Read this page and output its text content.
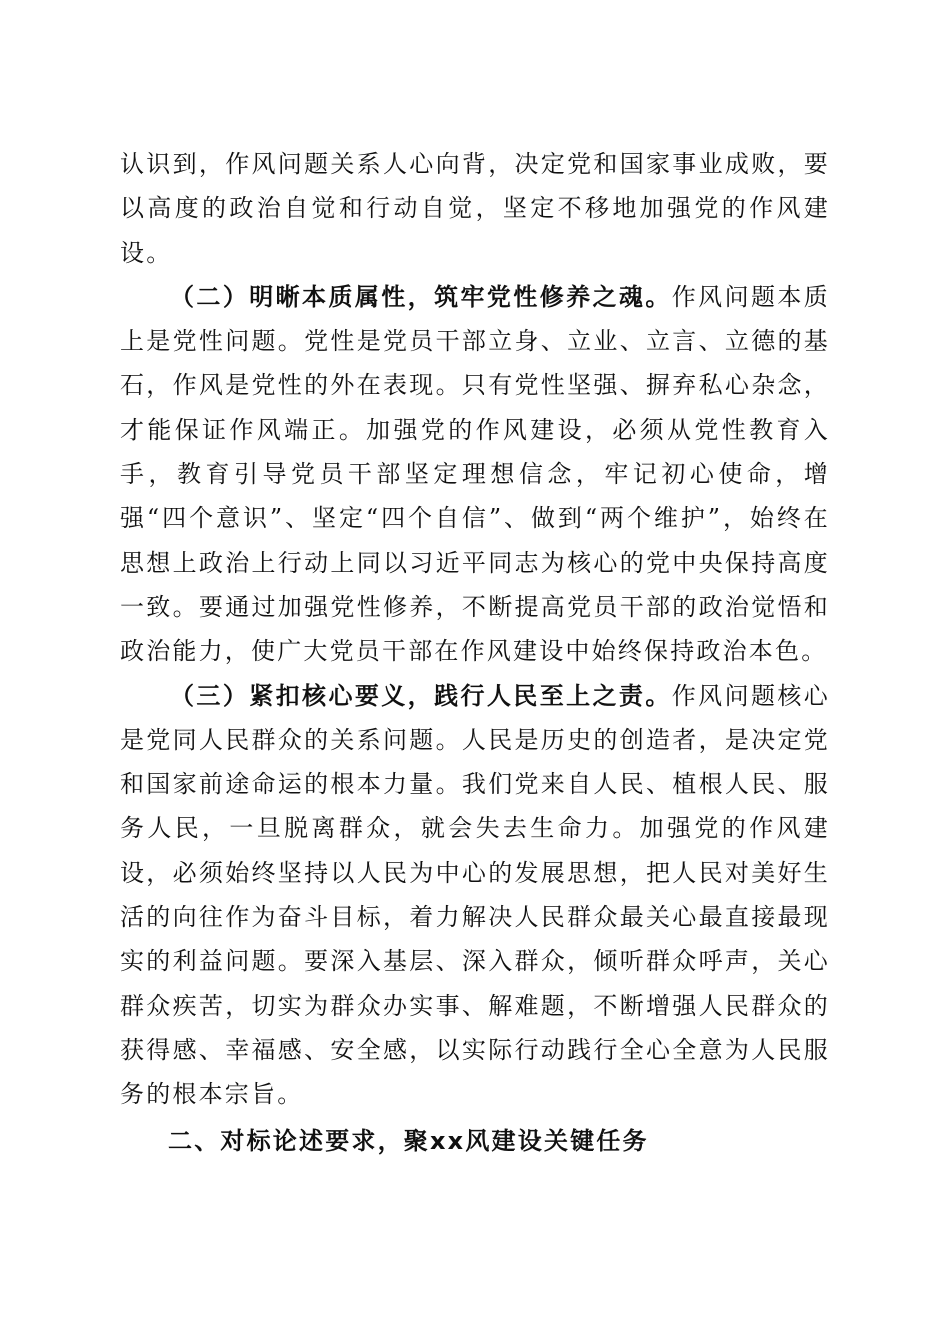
认识到，作风问题关系人心向背，决定党和国家事业成败，要以高度的政治自觉和行动自觉，坚定不移地加强党的作风建设。

（二）明晰本质属性，筑牢党性修养之魂。作风问题本质上是党性问题。党性是党员干部立身、立业、立言、立德的基石，作风是党性的外在表现。只有党性坚强、摒弃私心杂念，才能保证作风端正。加强党的作风建设，必须从党性教育入手，教育引导党员干部坚定理想信念，牢记初心使命，增强“四个意识”、坚定“四个自信”、做到“两个维护”，始终在思想上政治上行动上同以习近平同志为核心的党中央保持高度一致。要通过加强党性修养，不断提高党员干部的政治觉悟和政治能力，使广大党员干部在作风建设中始终保持政治本色。

（三）紧扣核心要义，践行人民至上之责。作风问题核心是党同人民群众的关系问题。人民是历史的创造者，是决定党和国家前途命运的根本力量。我们党来自人民、植根人民、服务人民，一旦脱离群众，就会失去生命力。加强党的作风建设，必须始终坚持以人民为中心的发展思想，把人民对美好生活的向往作为奋斗目标，着力解决人民群众最关心最直接最现实的利益问题。要深入基层、深入群众，倾听群众呼声，关心群众疾苦，切实为群众办实事、解难题，不断增强人民群众的获得感、幸福感、安全感，以实际行动践行全心全意为人民服务的根本宗旨。

二、对标论述要求，聚xx风建设关键任务
